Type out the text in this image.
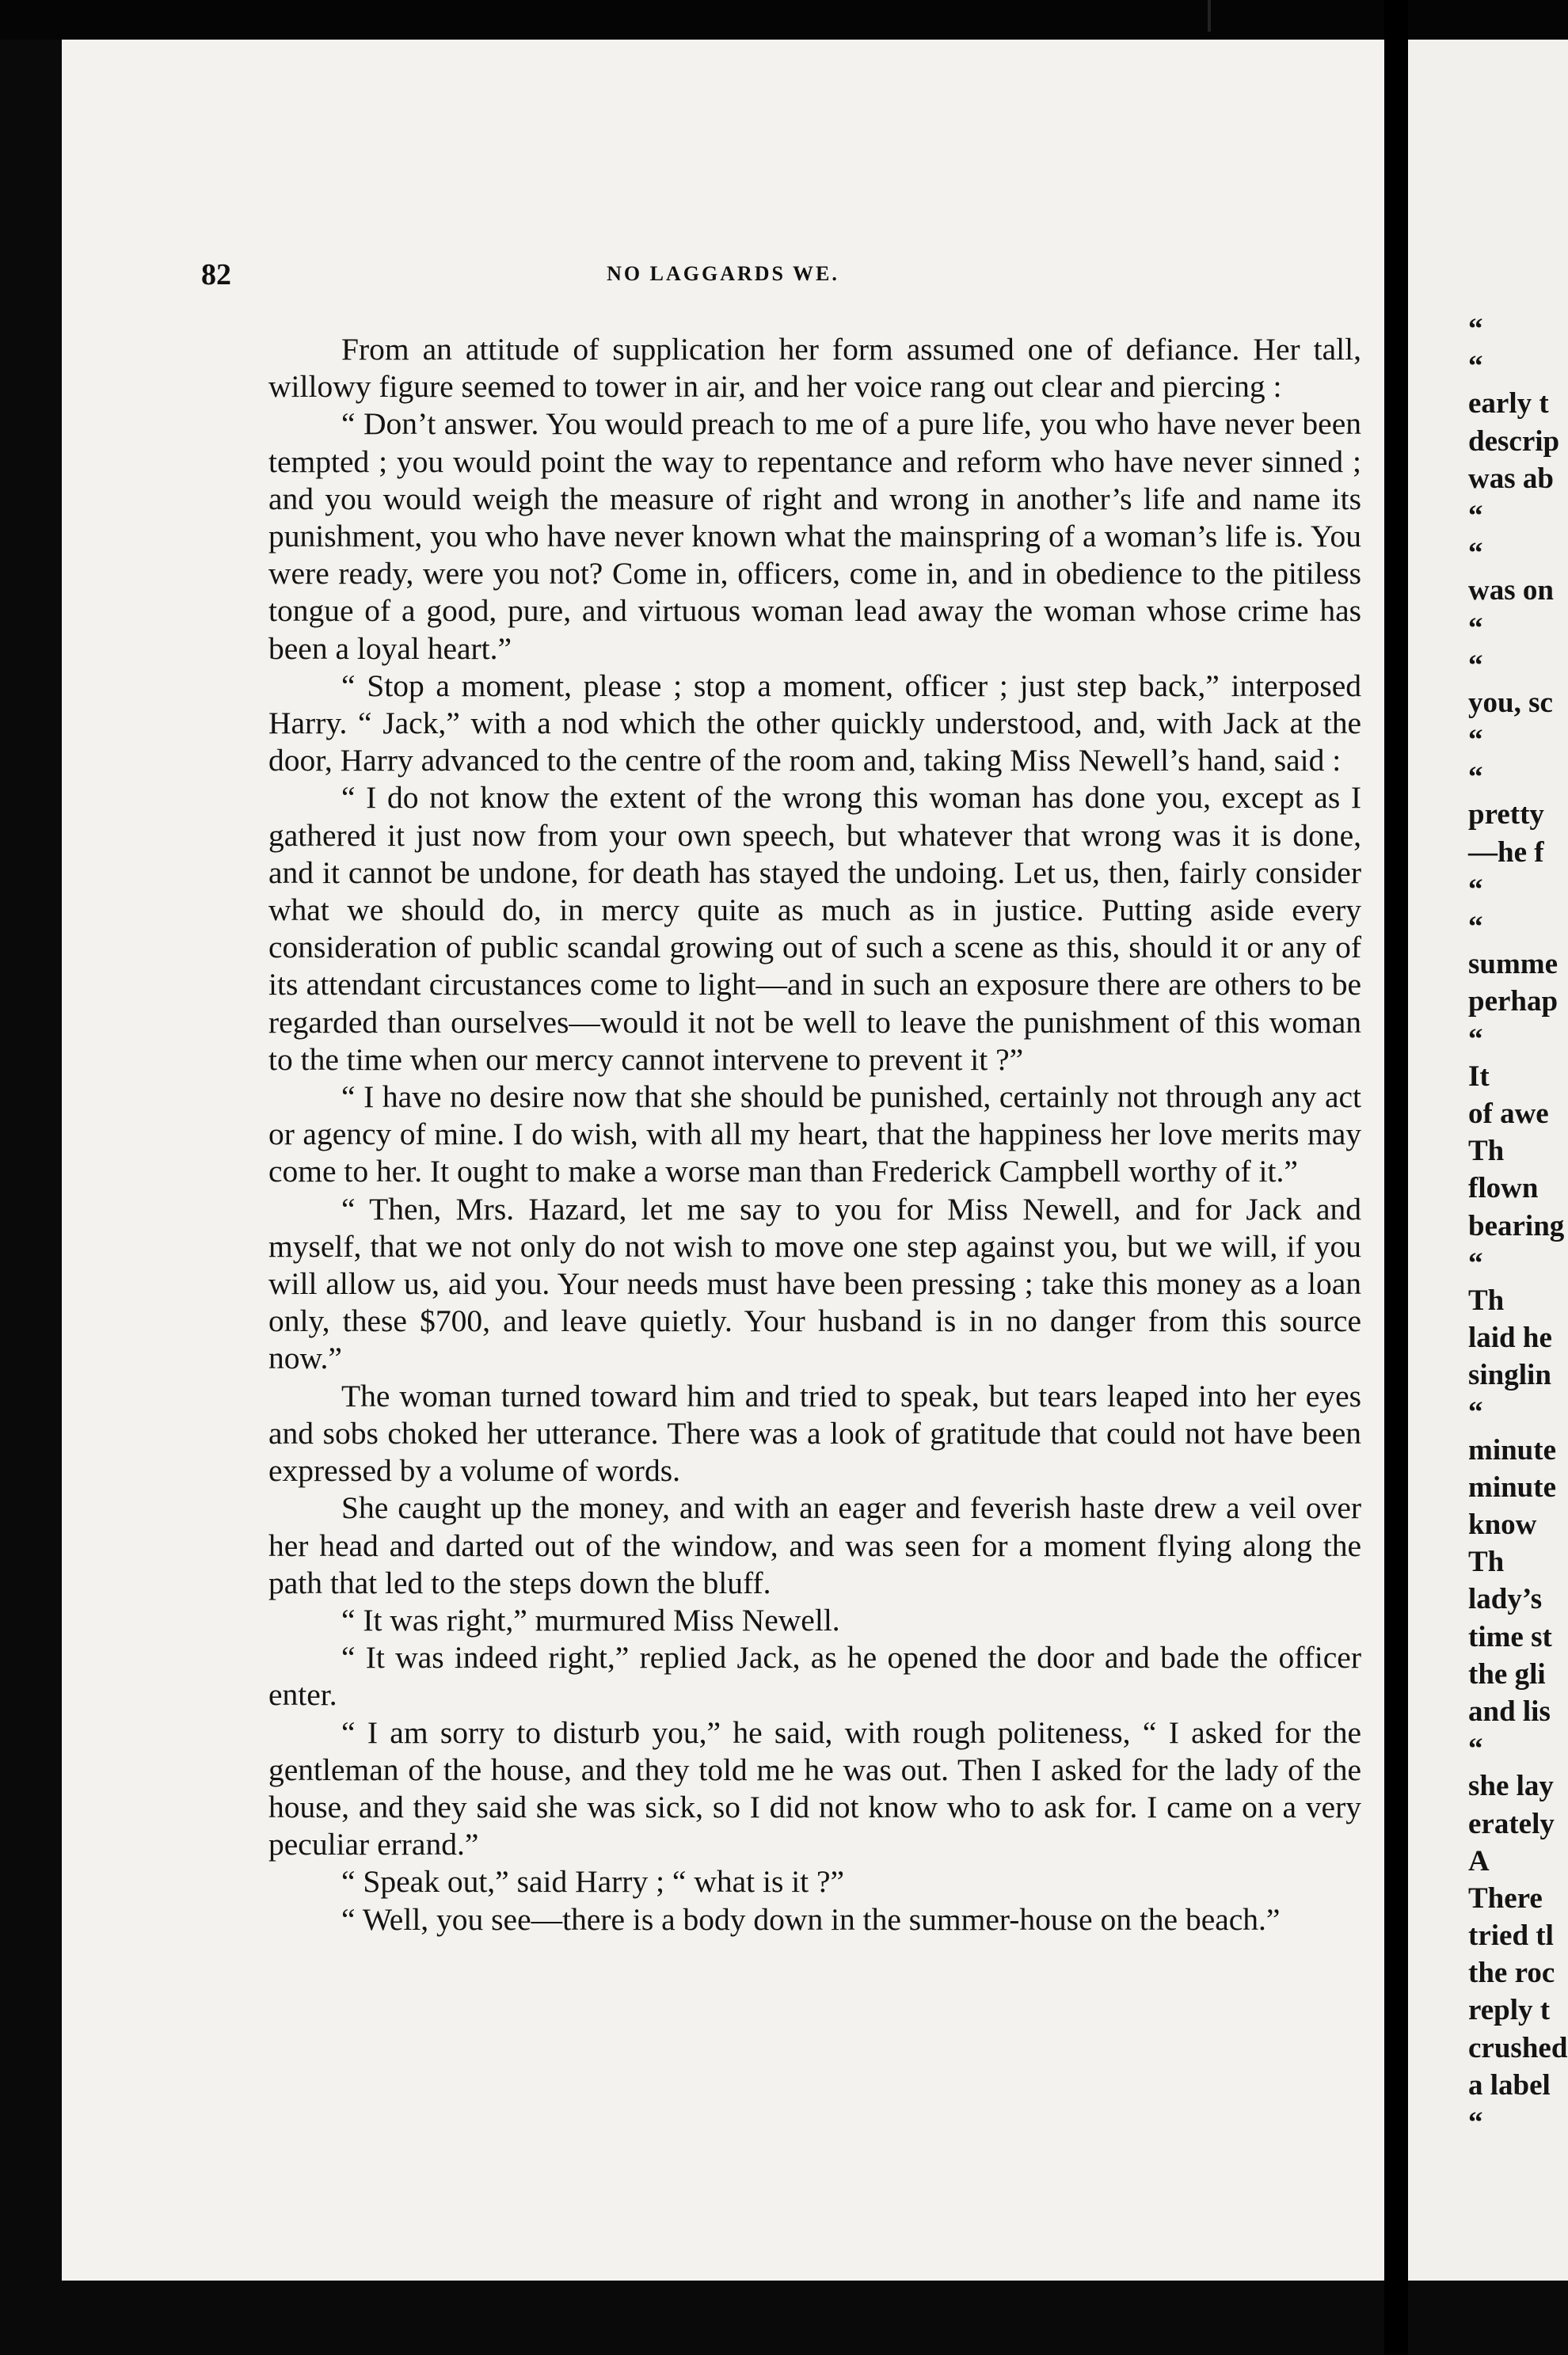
82	NO LAGGARDS WE.

From an attitude of supplication her form assumed one of defiance. Her tall, willowy figure seemed to tower in air, and her voice rang out clear and piercing :

“ Don’t answer. You would preach to me of a pure life, you who have never been tempted ; you would point the way to repentance and reform who have never sinned ; and you would weigh the measure of right and wrong in another’s life and name its punishment, you who have never known what the mainspring of a woman’s life is. You were ready, were you not? Come in, officers, come in, and in obedience to the pitiless tongue of a good, pure, and virtuous woman lead away the woman whose crime has been a loyal heart.”

“ Stop a moment, please ; stop a moment, officer ; just step back,” interposed Harry. “ Jack,” with a nod which the other quickly understood, and, with Jack at the door, Harry advanced to the centre of the room and, taking Miss Newell’s hand, said :

“ I do not know the extent of the wrong this woman has done you, except as I gathered it just now from your own speech, but whatever that wrong was it is done, and it cannot be undone, for death has stayed the undoing. Let us, then, fairly consider what we should do, in mercy quite as much as in justice. Putting aside every consideration of public scandal growing out of such a scene as this, should it or any of its attendant circustances come to light—and in such an exposure there are others to be regarded than ourselves—would it not be well to leave the punishment of this woman to the time when our mercy cannot intervene to prevent it ?”

“ I have no desire now that she should be punished, certainly not through any act or agency of mine. I do wish, with all my heart, that the happiness her love merits may come to her. It ought to make a worse man than Frederick Campbell worthy of it.”

“ Then, Mrs. Hazard, let me say to you for Miss Newell, and for Jack and myself, that we not only do not wish to move one step against you, but we will, if you will allow us, aid you. Your needs must have been pressing ; take this money as a loan only, these $700, and leave quietly. Your husband is in no danger from this source now.”

The woman turned toward him and tried to speak, but tears leaped into her eyes and sobs choked her utterance. There was a look of gratitude that could not have been expressed by a volume of words.

She caught up the money, and with an eager and feverish haste drew a veil over her head and darted out of the window, and was seen for a moment flying along the path that led to the steps down the bluff.

“ It was right,” murmured Miss Newell.

“ It was indeed right,” replied Jack, as he opened the door and bade the officer enter.

“ I am sorry to disturb you,” he said, with rough politeness, “ I asked for the gentleman of the house, and they told me he was out. Then I asked for the lady of the house, and they said she was sick, so I did not know who to ask for. I came on a very peculiar errand.”

“ Speak out,” said Harry ; “ what is it ?”

“ Well, you see—there is a body down in the summer-house on the beach.”

“
“
early t
descrip
was ab
“
“
was on
“
“
you, sc
“
“
pretty
—he f
“
“
summe
perhap
“
It
of awe
Th
flown
bearing
“
Th
laid he
singlin
“
minute
minute
know
Th
lady’s
time st
the gli
and lis
“
she lay
erately
A
There
tried tl
the roc
reply t
crushed
a label
“
